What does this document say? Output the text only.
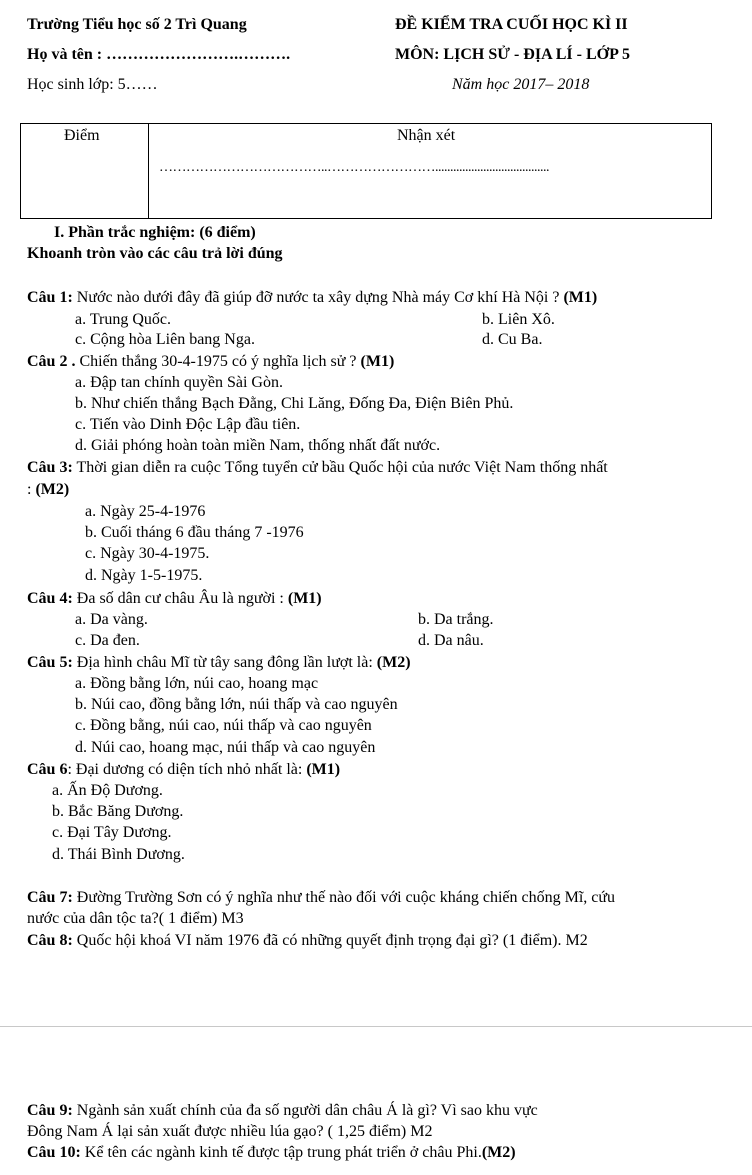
Trường Tiểu học số 2 Trì Quang	ĐỀ KIỂM TRA CUỐI HỌC KÌ II
Họ và tên : …………………….……….	MÔN: LỊCH SỬ - ĐỊA LÍ - LỚP 5
Học sinh lớp: 5……	Năm học 2017– 2018
Điểm	Nhận xét
………………………………..……………………......................................
I. Phần trắc nghiệm: (6 điểm)
Khoanh tròn vào các câu trả lời đúng
Câu 1: Nước nào dưới đây đã giúp đỡ nước ta xây dựng Nhà máy Cơ khí Hà Nội ? (M1)
a. Trung Quốc.	b. Liên Xô.
c. Cộng hòa Liên bang Nga.	d. Cu Ba.
Câu 2 . Chiến thắng 30-4-1975 có ý nghĩa lịch sử ? (M1)
a. Đập tan chính quyền Sài Gòn.
b. Như chiến thắng Bạch Đằng, Chi Lăng, Đống Đa, Điện Biên Phủ.
c. Tiến vào Dinh Độc Lập đầu tiên.
d. Giải phóng hoàn toàn miền Nam, thống nhất đất nước.
Câu 3: Thời gian diễn ra cuộc Tổng tuyển cử bầu Quốc hội của nước Việt Nam thống nhất
: (M2)
a. Ngày 25-4-1976
b. Cuối tháng 6 đầu tháng 7 -1976
c. Ngày 30-4-1975.
d. Ngày 1-5-1975.
Câu 4: Đa số dân cư châu Âu là người : (M1)
a. Da vàng.	b. Da trắng.
c. Da đen.	d. Da nâu.
Câu 5: Địa hình châu Mĩ từ tây sang đông lần lượt là: (M2)
a. Đồng bằng lớn, núi cao, hoang mạc
b. Núi cao, đồng bằng lớn, núi thấp và cao nguyên
c. Đồng bằng, núi cao, núi thấp và cao nguyên
d. Núi cao, hoang mạc, núi thấp và cao nguyên
Câu 6: Đại dương có diện tích nhỏ nhất là: (M1)
a. Ấn Độ Dương.
b. Bắc Băng Dương.
c. Đại Tây Dương.
d. Thái Bình Dương.
Câu 7: Đường Trường Sơn có ý nghĩa như thế nào đối với cuộc kháng chiến chống Mĩ, cứu
nước của dân tộc ta?( 1 điểm) M3
Câu 8: Quốc hội khoá VI năm 1976 đã có những quyết định trọng đại gì? (1 điểm). M2
Câu 9: Ngành sản xuất chính của đa số người dân châu Á là gì? Vì sao khu vực
Đông Nam Á lại sản xuất được nhiều lúa gạo? ( 1,25 điểm) M2
Câu 10: Kể tên các ngành kinh tế được tập trung phát triển ở châu Phi.(M2)
